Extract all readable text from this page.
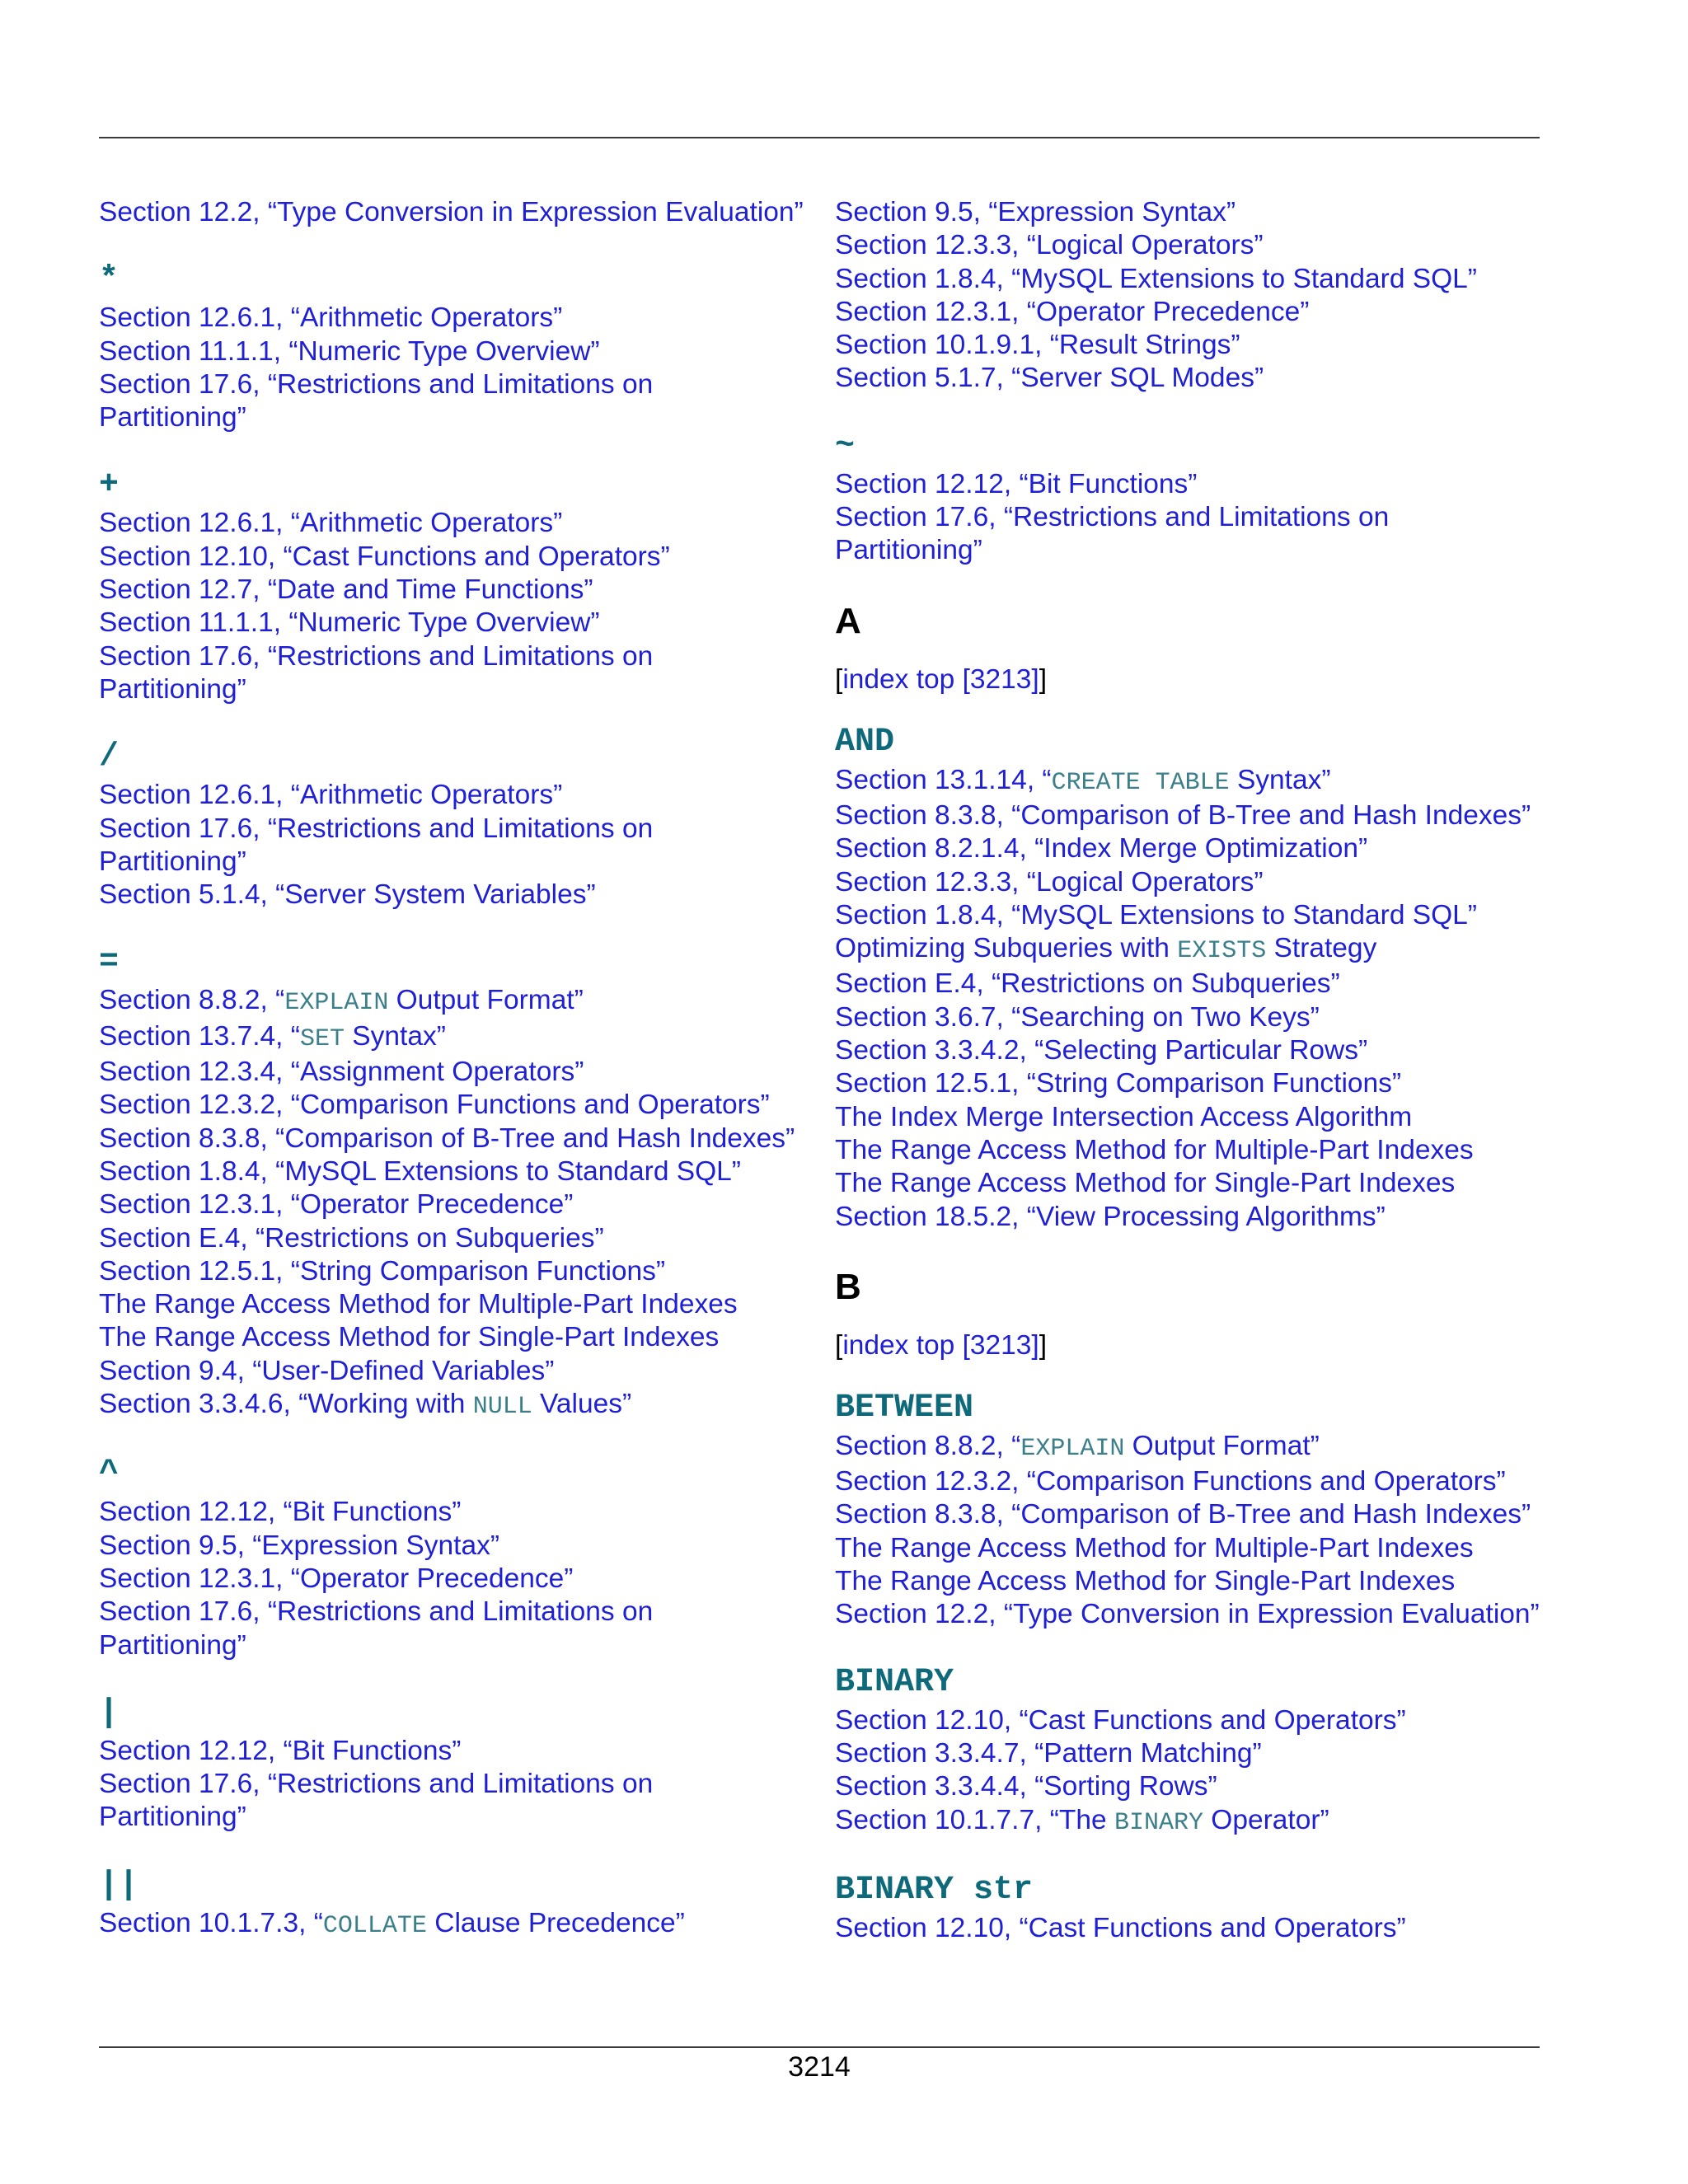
Section 12.2, “Type Conversion in Expression Evaluation”
*
Section 12.6.1, “Arithmetic Operators”
Section 11.1.1, “Numeric Type Overview”
Section 17.6, “Restrictions and Limitations on Partitioning”
+
Section 12.6.1, “Arithmetic Operators”
Section 12.10, “Cast Functions and Operators”
Section 12.7, “Date and Time Functions”
Section 11.1.1, “Numeric Type Overview”
Section 17.6, “Restrictions and Limitations on Partitioning”
/
Section 12.6.1, “Arithmetic Operators”
Section 17.6, “Restrictions and Limitations on Partitioning”
Section 5.1.4, “Server System Variables”
=
Section 8.8.2, “EXPLAIN Output Format”
Section 13.7.4, “SET Syntax”
Section 12.3.4, “Assignment Operators”
Section 12.3.2, “Comparison Functions and Operators”
Section 8.3.8, “Comparison of B-Tree and Hash Indexes”
Section 1.8.4, “MySQL Extensions to Standard SQL”
Section 12.3.1, “Operator Precedence”
Section E.4, “Restrictions on Subqueries”
Section 12.5.1, “String Comparison Functions”
The Range Access Method for Multiple-Part Indexes
The Range Access Method for Single-Part Indexes
Section 9.4, “User-Defined Variables”
Section 3.3.4.6, “Working with NULL Values”
^
Section 12.12, “Bit Functions”
Section 9.5, “Expression Syntax”
Section 12.3.1, “Operator Precedence”
Section 17.6, “Restrictions and Limitations on Partitioning”
|
Section 12.12, “Bit Functions”
Section 17.6, “Restrictions and Limitations on Partitioning”
||
Section 10.1.7.3, “COLLATE Clause Precedence”
Section 9.5, “Expression Syntax”
Section 12.3.3, “Logical Operators”
Section 1.8.4, “MySQL Extensions to Standard SQL”
Section 12.3.1, “Operator Precedence”
Section 10.1.9.1, “Result Strings”
Section 5.1.7, “Server SQL Modes”
~
Section 12.12, “Bit Functions”
Section 17.6, “Restrictions and Limitations on Partitioning”
A
[index top [3213]]
AND
Section 13.1.14, “CREATE TABLE Syntax”
Section 8.3.8, “Comparison of B-Tree and Hash Indexes”
Section 8.2.1.4, “Index Merge Optimization”
Section 12.3.3, “Logical Operators”
Section 1.8.4, “MySQL Extensions to Standard SQL”
Optimizing Subqueries with EXISTS Strategy
Section E.4, “Restrictions on Subqueries”
Section 3.6.7, “Searching on Two Keys”
Section 3.3.4.2, “Selecting Particular Rows”
Section 12.5.1, “String Comparison Functions”
The Index Merge Intersection Access Algorithm
The Range Access Method for Multiple-Part Indexes
The Range Access Method for Single-Part Indexes
Section 18.5.2, “View Processing Algorithms”
B
[index top [3213]]
BETWEEN
Section 8.8.2, “EXPLAIN Output Format”
Section 12.3.2, “Comparison Functions and Operators”
Section 8.3.8, “Comparison of B-Tree and Hash Indexes”
The Range Access Method for Multiple-Part Indexes
The Range Access Method for Single-Part Indexes
Section 12.2, “Type Conversion in Expression Evaluation”
BINARY
Section 12.10, “Cast Functions and Operators”
Section 3.3.4.7, “Pattern Matching”
Section 3.3.4.4, “Sorting Rows”
Section 10.1.7.7, “The BINARY Operator”
BINARY str
Section 12.10, “Cast Functions and Operators”
3214
